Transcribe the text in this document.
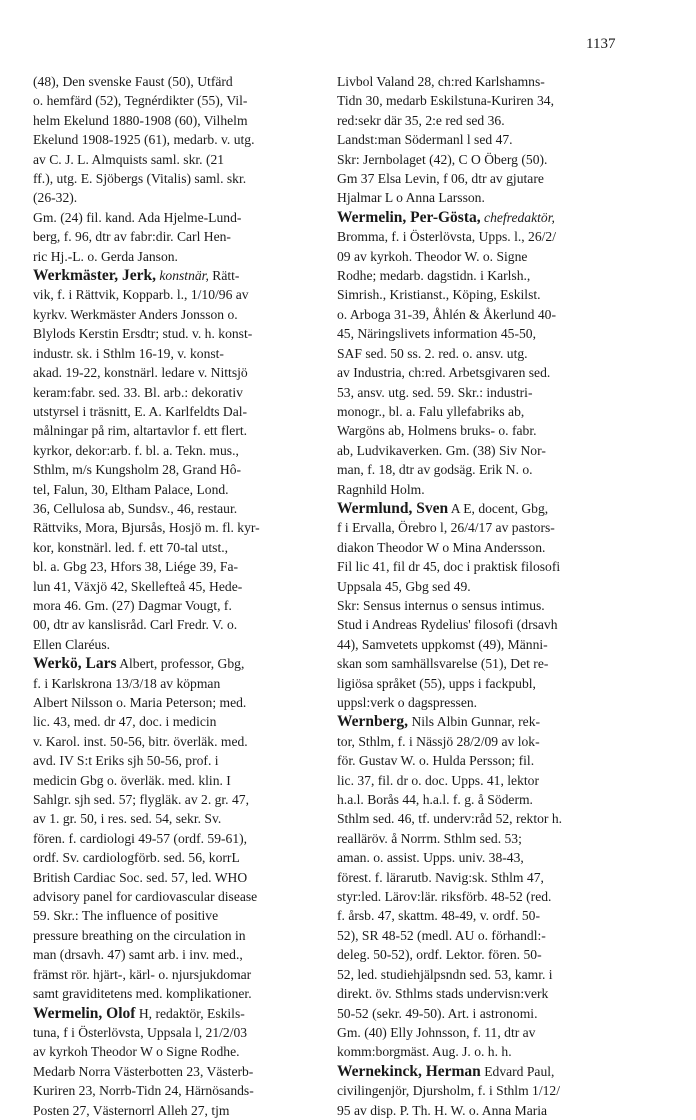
1137
(48), Den svenske Faust (50), Utfärd
o. hemfärd (52), Tegnérdikter (55), Vil-
helm Ekelund 1880-1908 (60), Vilhelm
Ekelund 1908-1925 (61), medarb. v. utg.
av C. J. L. Almquists saml. skr. (21
ff.), utg. E. Sjöbergs (Vitalis) saml. skr.
(26-32).
Gm. (24) fil. kand. Ada Hjelme-Lund-
berg, f. 96, dtr av fabr:dir. Carl Hen-
ric Hj.-L. o. Gerda Janson.
Werkmäster, Jerk, konstnär, Rätt-
vik, f. i Rättvik, Kopparb. l., 1/10/96 av
kyrkv. Werkmäster Anders Jonsson o.
Blylods Kerstin Ersdtr; stud. v. h. konst-
industr. sk. i Sthlm 16-19, v. konst-
akad. 19-22, konstnärl. ledare v. Nittsjö
keram:fabr. sed. 33. Bl. arb.: dekorativ
utstyrsel i träsnitt, E. A. Karlfeldts Dal-
målningar på rim, altartavlor f. ett flert.
kyrkor, dekor:arb. f. bl. a. Tekn. mus.,
Sthlm, m/s Kungsholm 28, Grand Hô-
tel, Falun, 30, Eltham Palace, Lond.
36, Cellulosa ab, Sundsv., 46, restaur.
Rättviks, Mora, Bjursås, Hosjö m. fl. kyr-
kor, konstnärl. led. f. ett 70-tal utst.,
bl. a. Gbg 23, Hfors 38, Liége 39, Fa-
lun 41, Växjö 42, Skellefteå 45, Hede-
mora 46. Gm. (27) Dagmar Vougt, f.
00, dtr av kanslisråd. Carl Fredr. V. o.
Ellen Claréus.
Werkö, Lars Albert, professor, Gbg,
f. i Karlskrona 13/3/18 av köpman
Albert Nilsson o. Maria Peterson; med.
lic. 43, med. dr 47, doc. i medicin
v. Karol. inst. 50-56, bitr. överläk. med.
avd. IV S:t Eriks sjh 50-56, prof. i
medicin Gbg o. överläk. med. klin. I
Sahlgr. sjh sed. 57; flygläk. av 2. gr. 47,
av 1. gr. 50, i res. sed. 54, sekr. Sv.
fören. f. cardiologi 49-57 (ordf. 59-61),
ordf. Sv. cardiologförb. sed. 56, korrL
British Cardiac Soc. sed. 57, led. WHO
advisory panel for cardiovascular disease
59. Skr.: The influence of positive
pressure breathing on the circulation in
man (drsavh. 47) samt arb. i inv. med.,
främst rör. hjärt-, kärl- o. njursjukdomar
samt graviditetens med. komplikationer.
Wermelin, Olof H, redaktör, Eskils-
tuna, f i Österlövsta, Uppsala l, 21/2/03
av kyrkoh Theodor W o Signe Rodhe.
Medarb Norra Västerbotten 23, Västerb-
Kuriren 23, Norrb-Tidn 24, Härnösands-
Posten 27, Västernorrl Alleh 27, tjm
Livbol Valand 28, ch:red Karlshamns-
Tidn 30, medarb Eskilstuna-Kuriren 34,
red:sekr där 35, 2:e red sed 36.
Landst:man Södermanl l sed 47.
Skr: Jernbolaget (42), C O Öberg (50).
Gm 37 Elsa Levin, f 06, dtr av gjutare
Hjalmar L o Anna Larsson.
Wermelin, Per-Gösta, chefredaktör,
Bromma, f. i Österlövsta, Upps. l., 26/2/
09 av kyrkoh. Theodor W. o. Signe
Rodhe; medarb. dagstidn. i Karlsh.,
Simrish., Kristianst., Köping, Eskilst.
o. Arboga 31-39, Åhlén & Åkerlund 40-
45, Näringslivets information 45-50,
SAF sed. 50 ss. 2. red. o. ansv. utg.
av Industria, ch:red. Arbetsgivaren sed.
53, ansv. utg. sed. 59. Skr.: industri-
monogr., bl. a. Falu yllefabriks ab,
Wargöns ab, Holmens bruks- o. fabr.
ab, Ludvikaverken. Gm. (38) Siv Nor-
man, f. 18, dtr av godsäg. Erik N. o.
Ragnhild Holm.
Wermlund, Sven A E, docent, Gbg,
f i Ervalla, Örebro l, 26/4/17 av pastors-
diakon Theodor W o Mina Andersson.
Fil lic 41, fil dr 45, doc i praktisk filosofi
Uppsala 45, Gbg sed 49.
Skr: Sensus internus o sensus intimus.
Stud i Andreas Rydelius' filosofi (drsavh
44), Samvetets uppkomst (49), Männi-
skan som samhällsvarelse (51), Det re-
ligiösa språket (55), upps i fackpubl,
uppsl:verk o dagspressen.
Wernberg, Nils Albin Gunnar, rek-
tor, Sthlm, f. i Nässjö 28/2/09 av lok-
för. Gustav W. o. Hulda Persson; fil.
lic. 37, fil. dr o. doc. Upps. 41, lektor
h.a.l. Borås 44, h.a.l. f. g. å Söderm.
Sthlm sed. 46, tf. underv:råd 52, rektor h.
realläröv. å Norrm. Sthlm sed. 53;
aman. o. assist. Upps. univ. 38-43,
förest. f. lärarutb. Navig:sk. Sthlm 47,
styr:led. Lärov:lär. riksförb. 48-52 (red.
f. årsb. 47, skattm. 48-49, v. ordf. 50-
52), SR 48-52 (medl. AU o. förhandl:-
deleg. 50-52), ordf. Lektor. fören. 50-
52, led. studiehjälpsndn sed. 53, kamr. i
direkt. öv. Sthlms stads undervisn:verk
50-52 (sekr. 49-50). Art. i astronomi.
Gm. (40) Elly Johnsson, f. 11, dtr av
komm:borgmäst. Aug. J. o. h. h.
Wernekinck, Herman Edvard Paul,
civilingenjör, Djursholm, f. i Sthlm 1/12/
95 av disp. P. Th. H. W. o. Anna Maria
